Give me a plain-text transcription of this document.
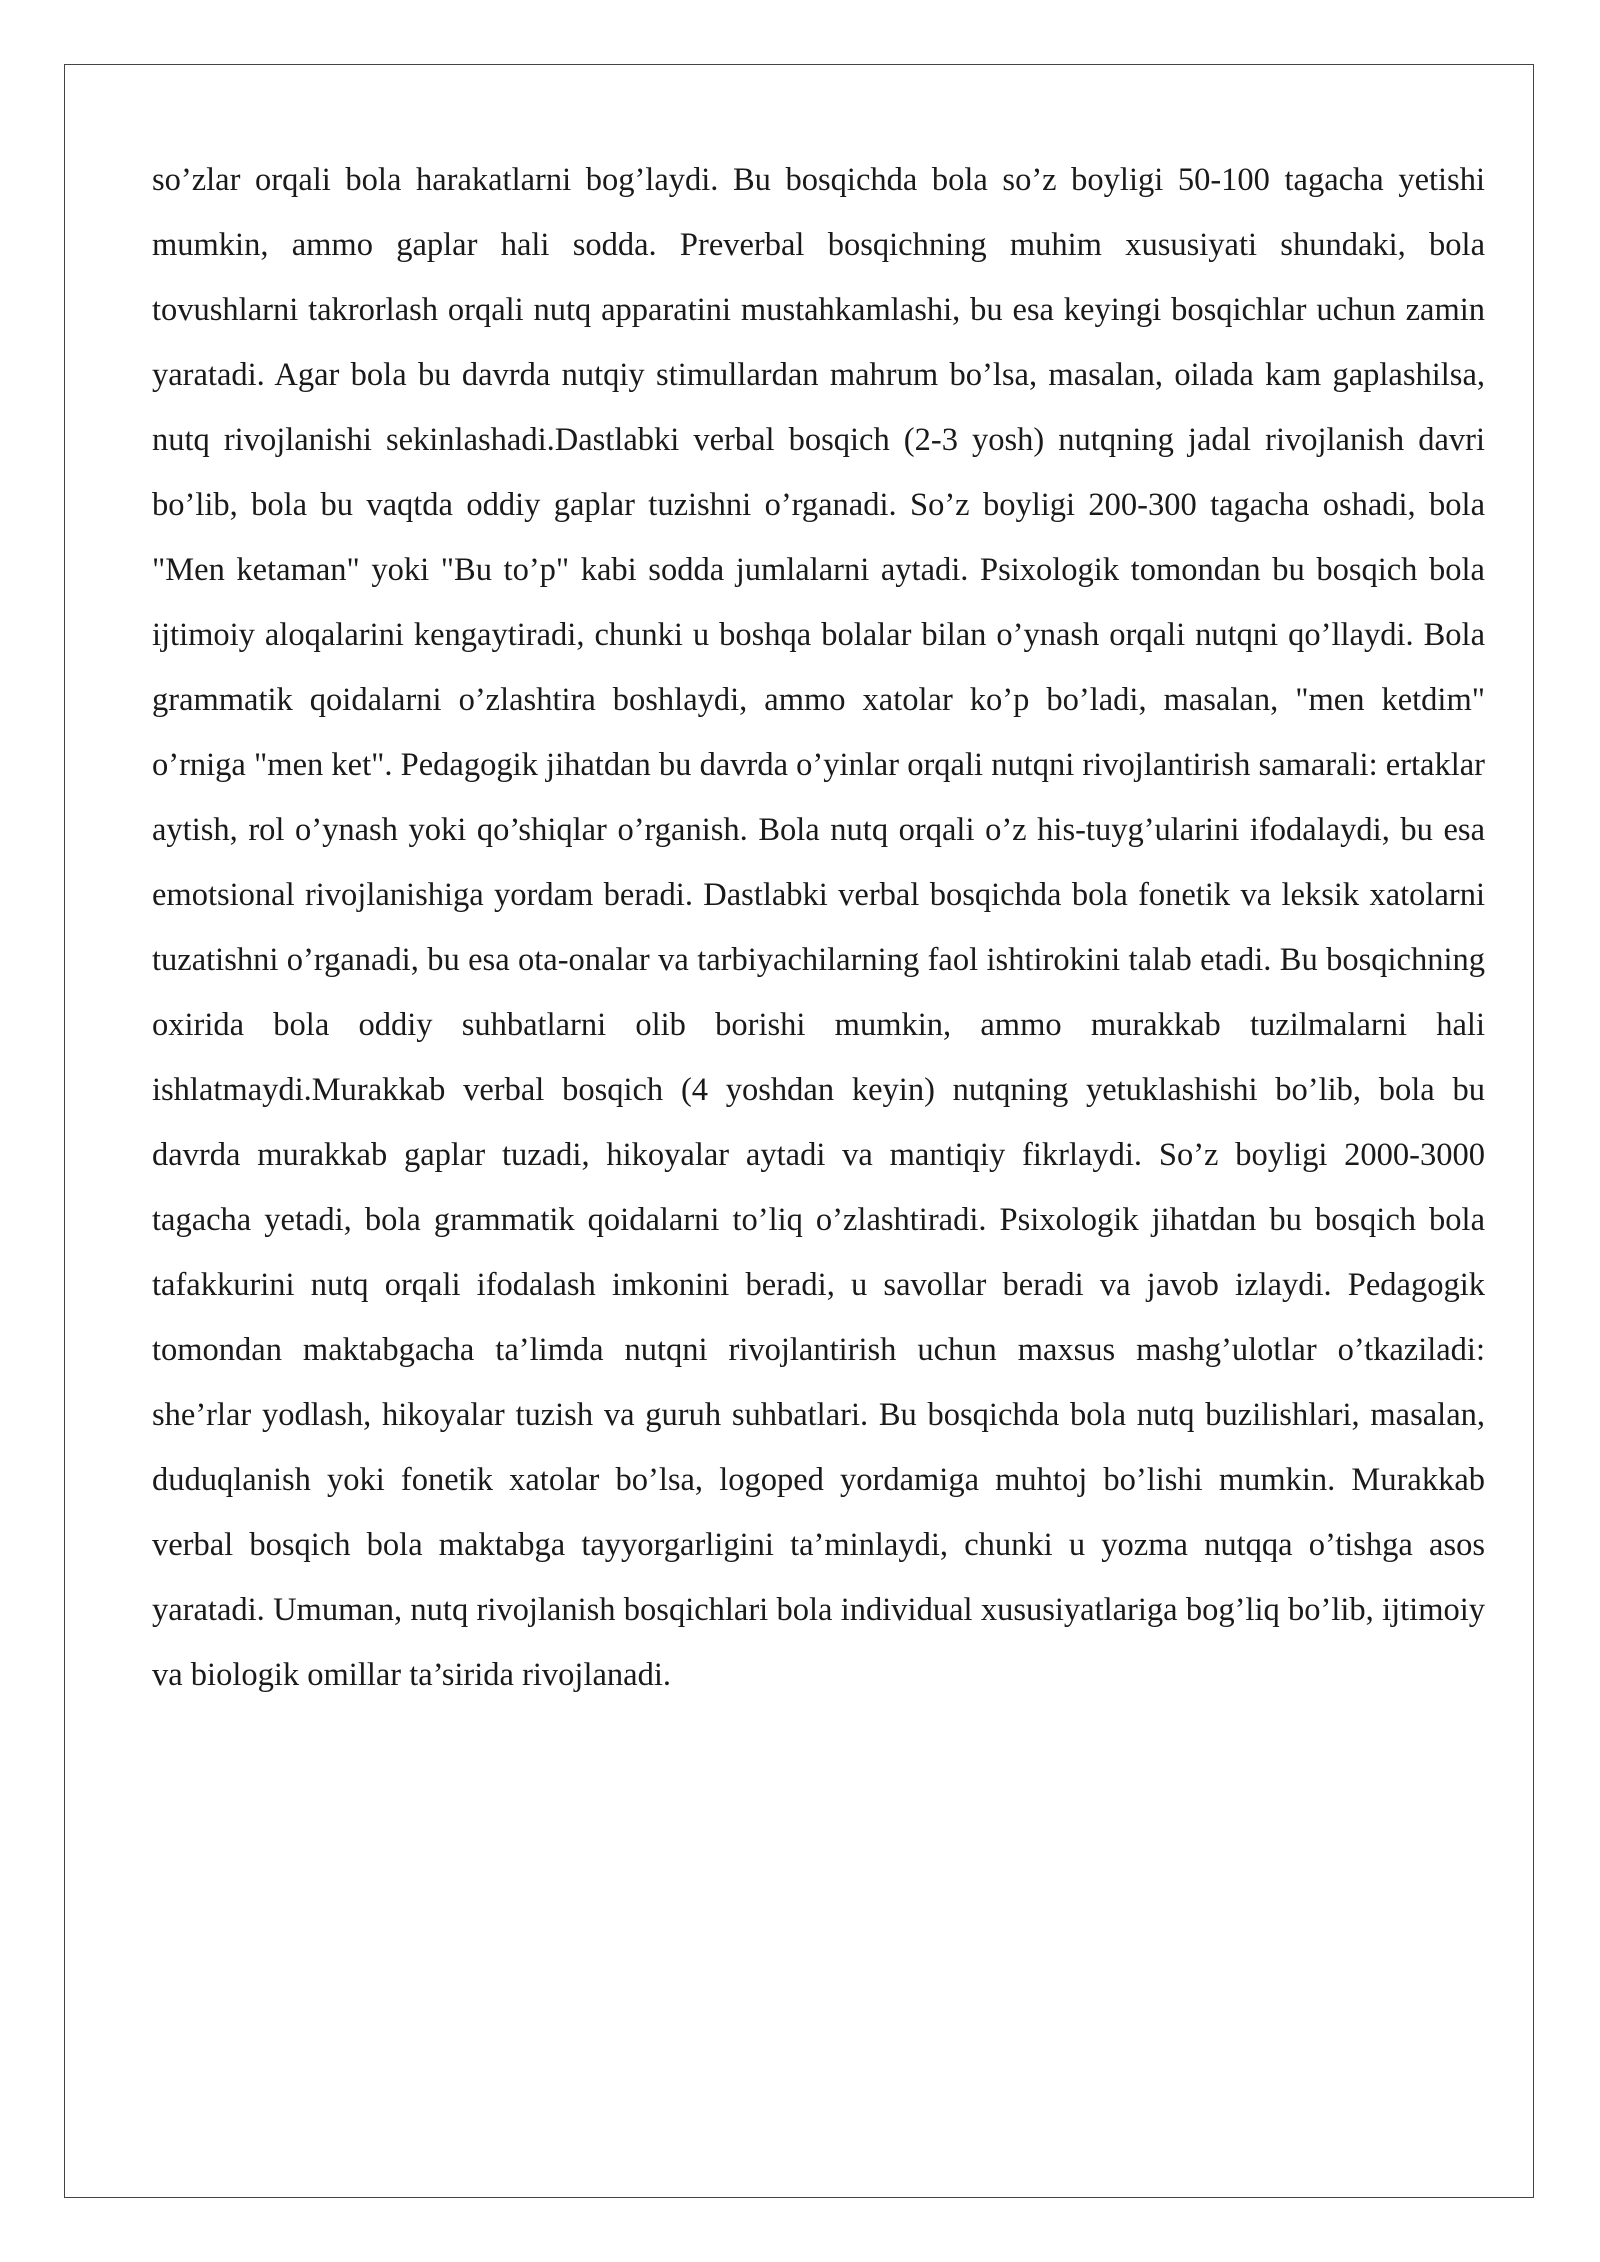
so’zlar orqali bola harakatlarni bog’laydi. Bu bosqichda bola so’z boyligi 50-100 tagacha yetishi mumkin, ammo gaplar hali sodda. Preverbal bosqichning muhim xususiyati shundaki, bola tovushlarni takrorlash orqali nutq apparatini mustahkamlashi, bu esa keyingi bosqichlar uchun zamin yaratadi. Agar bola bu davrda nutqiy stimullardan mahrum bo’lsa, masalan, oilada kam gaplashilsa, nutq rivojlanishi sekinlashadi.Dastlabki verbal bosqich (2-3 yosh) nutqning jadal rivojlanish davri bo’lib, bola bu vaqtda oddiy gaplar tuzishni o’rganadi. So’z boyligi 200-300 tagacha oshadi, bola "Men ketaman" yoki "Bu to’p" kabi sodda jumlalarni aytadi. Psixologik tomondan bu bosqich bola ijtimoiy aloqalarini kengaytiradi, chunki u boshqa bolalar bilan o’ynash orqali nutqni qo’llaydi. Bola grammatik qoidalarni o’zlashtira boshlaydi, ammo xatolar ko’p bo’ladi, masalan, "men ketdim" o’rniga "men ket". Pedagogik jihatdan bu davrda o’yinlar orqali nutqni rivojlantirish samarali: ertaklar aytish, rol o’ynash yoki qo’shiqlar o’rganish. Bola nutq orqali o’z his-tuyg’ularini ifodalaydi, bu esa emotsional rivojlanishiga yordam beradi. Dastlabki verbal bosqichda bola fonetik va leksik xatolarni tuzatishni o’rganadi, bu esa ota-onalar va tarbiyachilarning faol ishtirokini talab etadi. Bu bosqichning oxirida bola oddiy suhbatlarni olib borishi mumkin, ammo murakkab tuzilmalarni hali ishlatmaydi.Murakkab verbal bosqich (4 yoshdan keyin) nutqning yetuklashishi bo’lib, bola bu davrda murakkab gaplar tuzadi, hikoyalar aytadi va mantiqiy fikrlaydi. So’z boyligi 2000-3000 tagacha yetadi, bola grammatik qoidalarni to’liq o’zlashtiradi. Psixologik jihatdan bu bosqich bola tafakkurini nutq orqali ifodalash imkonini beradi, u savollar beradi va javob izlaydi. Pedagogik tomondan maktabgacha ta’limda nutqni rivojlantirish uchun maxsus mashg’ulotlar o’tkaziladi: she’rlar yodlash, hikoyalar tuzish va guruh suhbatlari. Bu bosqichda bola nutq buzilishlari, masalan, duduqlanish yoki fonetik xatolar bo’lsa, logoped yordamiga muhtoj bo’lishi mumkin. Murakkab verbal bosqich bola maktabga tayyorgarligini ta’minlaydi, chunki u yozma nutqqa o’tishga asos yaratadi. Umuman, nutq rivojlanish bosqichlari bola individual xususiyatlariga bog’liq bo’lib, ijtimoiy va biologik omillar ta’sirida rivojlanadi.
